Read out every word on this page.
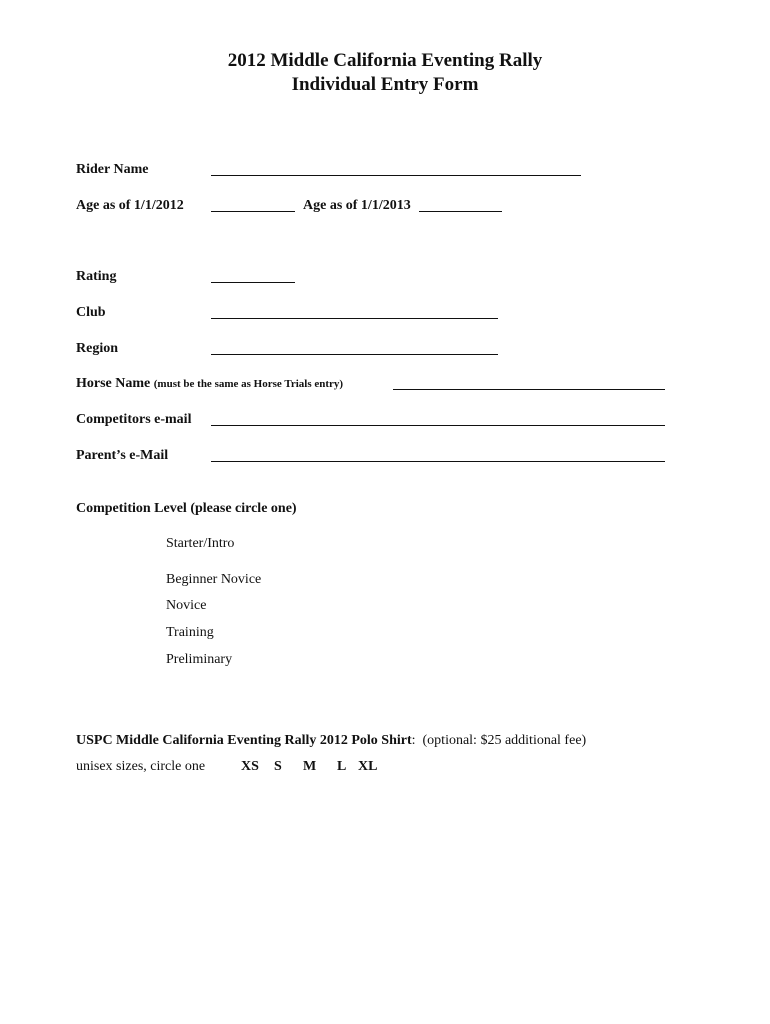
2012 Middle California Eventing Rally
Individual Entry Form
Rider Name
Age as of 1/1/2012	Age as of 1/1/2013
Rating
Club
Region
Horse Name (must be the same as Horse Trials entry)
Competitors e-mail
Parent’s e-Mail
Competition Level (please circle one)
Starter/Intro
Beginner Novice
Novice
Training
Preliminary
USPC Middle California Eventing Rally 2012 Polo Shirt: (optional: $25 additional fee)
unisex sizes, circle one	XS S M L XL
